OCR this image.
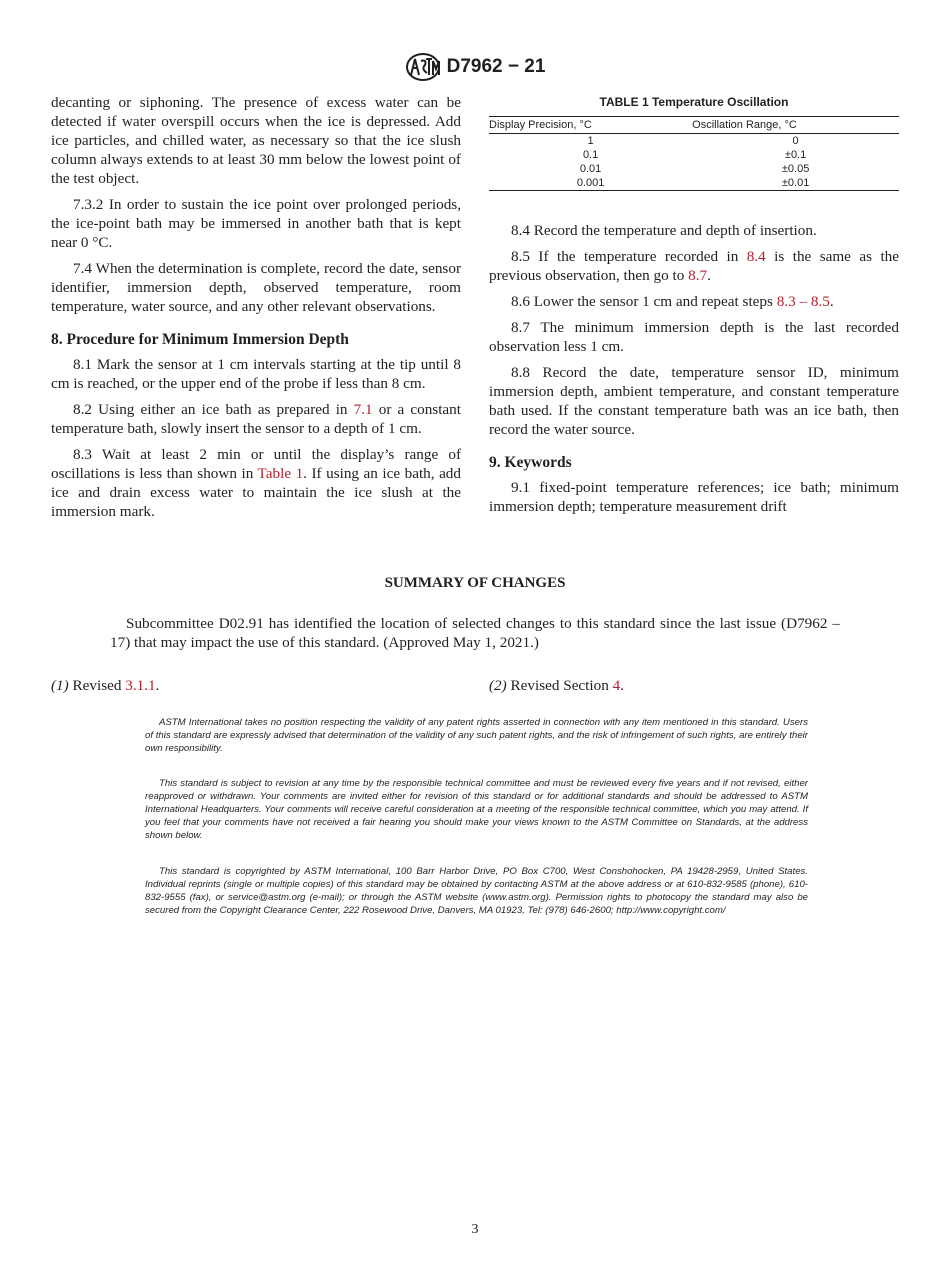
D7962 − 21

decanting or siphoning. The presence of excess water can be detected if water overspill occurs when the ice is depressed. Add ice particles, and chilled water, as necessary so that the ice slush column always extends to at least 30 mm below the lowest point of the test object.

7.3.2 In order to sustain the ice point over prolonged periods, the ice-point bath may be immersed in another bath that is kept near 0 °C.

7.4 When the determination is complete, record the date, sensor identifier, immersion depth, observed temperature, room temperature, water source, and any other relevant observations.

8. Procedure for Minimum Immersion Depth

8.1 Mark the sensor at 1 cm intervals starting at the tip until 8 cm is reached, or the upper end of the probe if less than 8 cm.

8.2 Using either an ice bath as prepared in 7.1 or a constant temperature bath, slowly insert the sensor to a depth of 1 cm.

8.3 Wait at least 2 min or until the display’s range of oscillations is less than shown in Table 1. If using an ice bath, add ice and drain excess water to maintain the ice slush at the immersion mark.

TABLE 1 Temperature Oscillation
Display Precision, °C	Oscillation Range, °C
1	0
0.1	±0.1
0.01	±0.05
0.001	±0.01

8.4 Record the temperature and depth of insertion.

8.5 If the temperature recorded in 8.4 is the same as the previous observation, then go to 8.7.

8.6 Lower the sensor 1 cm and repeat steps 8.3 – 8.5.

8.7 The minimum immersion depth is the last recorded observation less 1 cm.

8.8 Record the date, temperature sensor ID, minimum immersion depth, ambient temperature, and constant temperature bath used. If the constant temperature bath was an ice bath, then record the water source.

9. Keywords

9.1 fixed-point temperature references; ice bath; minimum immersion depth; temperature measurement drift

SUMMARY OF CHANGES
Subcommittee D02.91 has identified the location of selected changes to this standard since the last issue (D7962 – 17) that may impact the use of this standard. (Approved May 1, 2021.)
(1) Revised 3.1.1.	(2) Revised Section 4.

ASTM International takes no position respecting the validity of any patent rights asserted in connection with any item mentioned in this standard. Users of this standard are expressly advised that determination of the validity of any such patent rights, and the risk of infringement of such rights, are entirely their own responsibility.

This standard is subject to revision at any time by the responsible technical committee and must be reviewed every five years and if not revised, either reapproved or withdrawn. Your comments are invited either for revision of this standard or for additional standards and should be addressed to ASTM International Headquarters. Your comments will receive careful consideration at a meeting of the responsible technical committee, which you may attend. If you feel that your comments have not received a fair hearing you should make your views known to the ASTM Committee on Standards, at the address shown below.

This standard is copyrighted by ASTM International, 100 Barr Harbor Drive, PO Box C700, West Conshohocken, PA 19428-2959, United States. Individual reprints (single or multiple copies) of this standard may be obtained by contacting ASTM at the above address or at 610-832-9585 (phone), 610-832-9555 (fax), or service@astm.org (e-mail); or through the ASTM website (www.astm.org). Permission rights to photocopy the standard may also be secured from the Copyright Clearance Center, 222 Rosewood Drive, Danvers, MA 01923, Tel: (978) 646-2600; http://www.copyright.com/

3
